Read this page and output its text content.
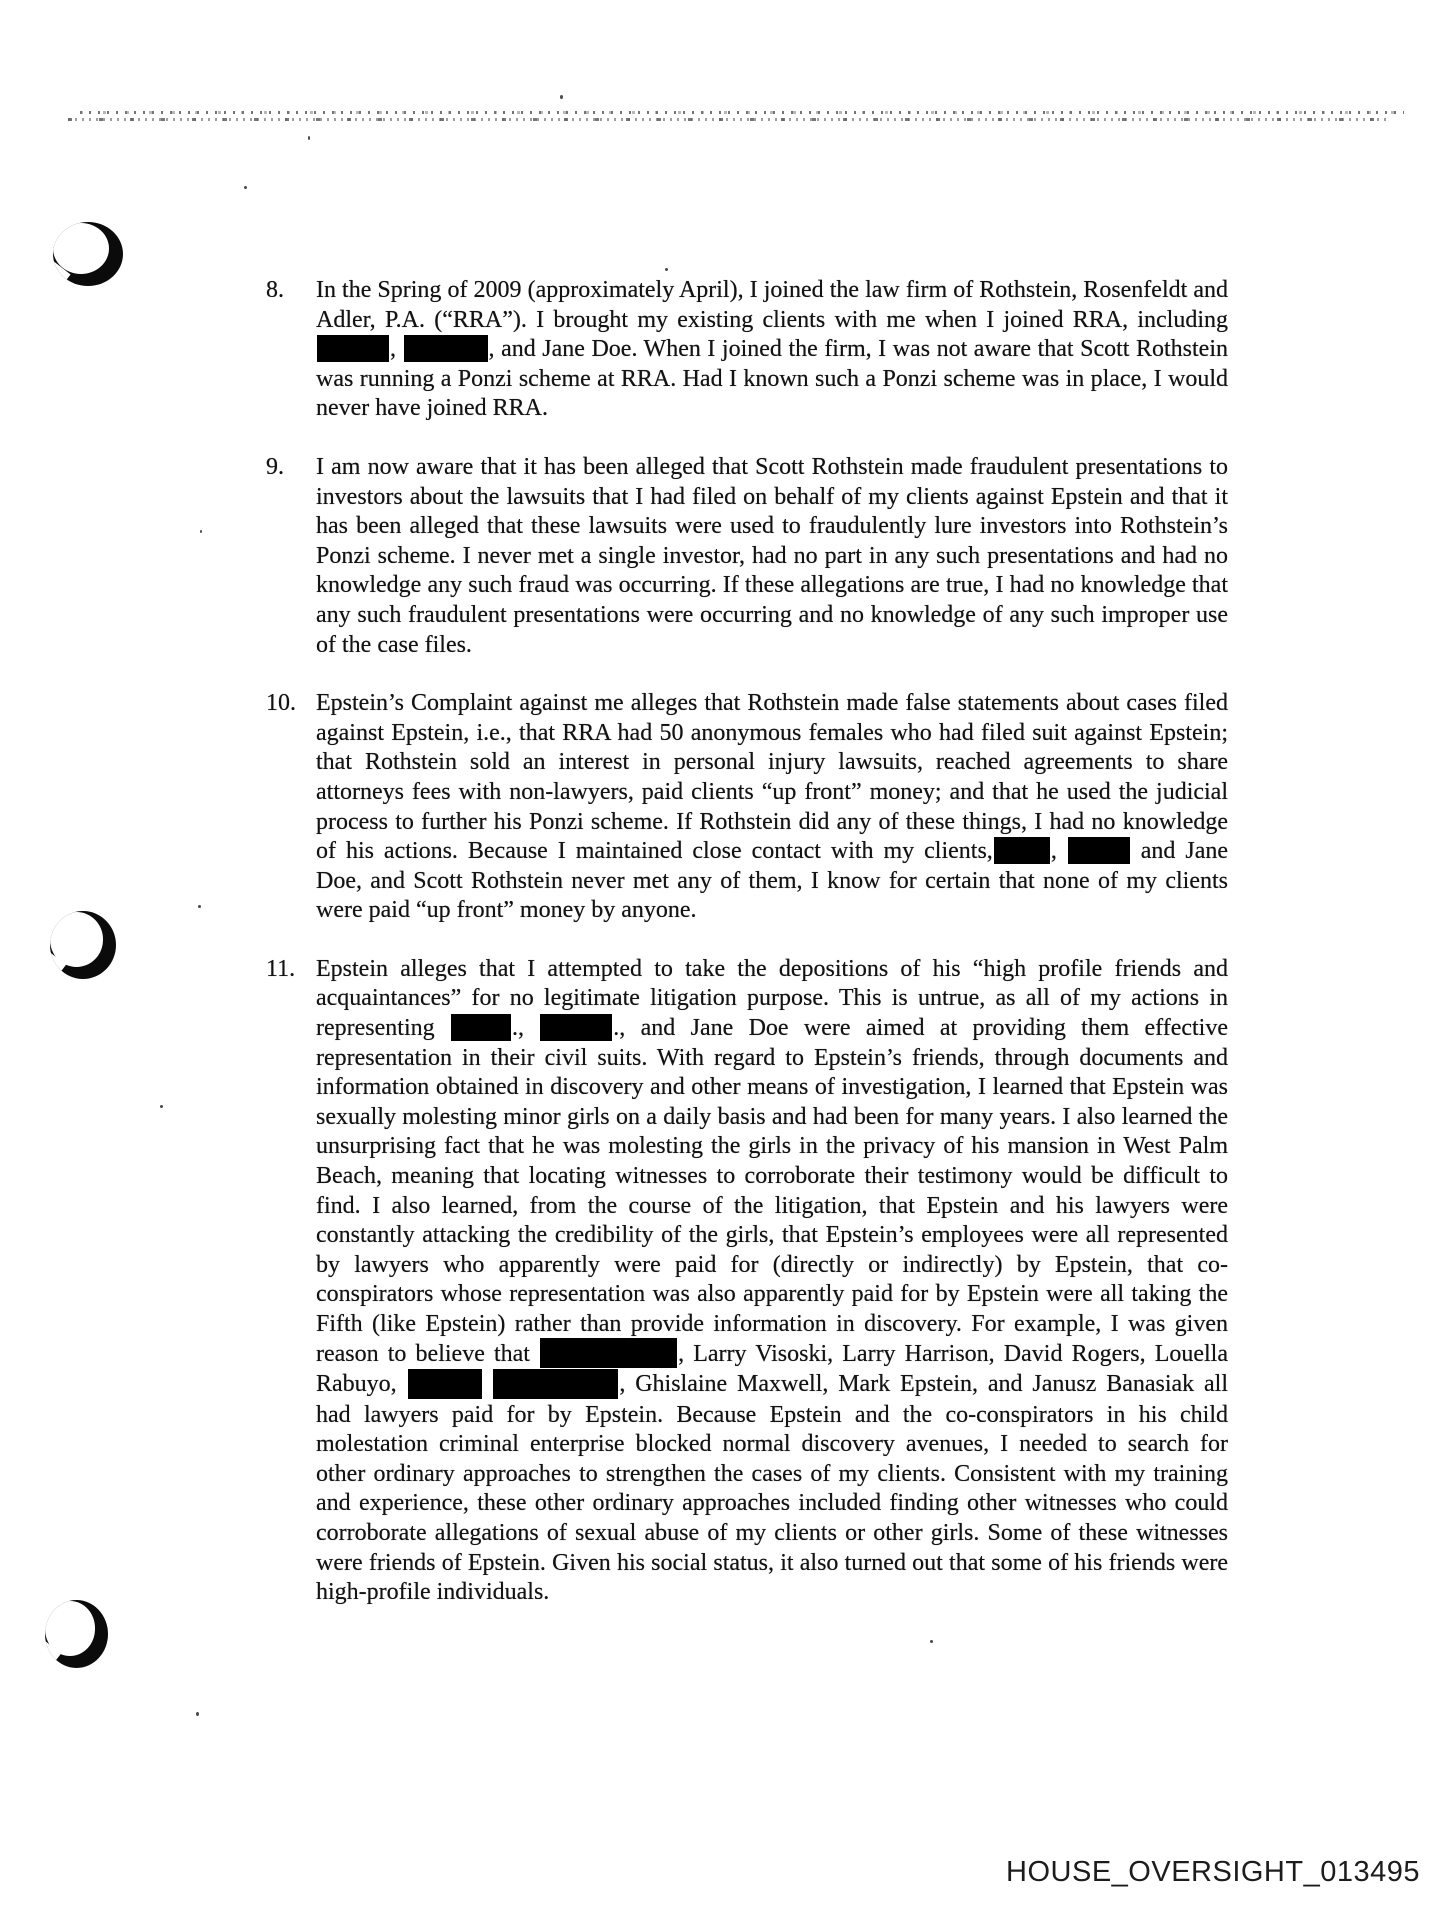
8.	In the Spring of 2009 (approximately April), I joined the law firm of Rothstein, Rosenfeldt and Adler, P.A. (“RRA”). I brought my existing clients with me when I joined RRA, including ,	, and Jane Doe. When I joined the firm, I was not aware that Scott Rothstein was running a Ponzi scheme at RRA. Had I known such a Ponzi scheme was in place, I would never have joined RRA.
9.	I am now aware that it has been alleged that Scott Rothstein made fraudulent presentations to investors about the lawsuits that I had filed on behalf of my clients against Epstein and that it has been alleged that these lawsuits were used to fraudulently lure investors into Rothstein’s Ponzi scheme. I never met a single investor, had no part in any such presentations and had no knowledge any such fraud was occurring. If these allegations are true, I had no knowledge that any such fraudulent presentations were occurring and no knowledge of any such improper use of the case files.
10. Epstein’s Complaint against me alleges that Rothstein made false statements about cases filed against Epstein, i.e., that RRA had 50 anonymous females who had filed suit against Epstein; that Rothstein sold an interest in personal injury lawsuits, reached agreements to share attorneys fees with non-lawyers, paid clients “up front” money; and that he used the judicial process to further his Ponzi scheme. If Rothstein did any of these things, I had no knowledge of his actions. Because I maintained close contact with my clients, ,	and Jane Doe, and Scott Rothstein never met any of them, I know for certain that none of my clients were paid “up front” money by anyone.
11. Epstein alleges that I attempted to take the depositions of his “high profile friends and acquaintances” for no legitimate litigation purpose. This is untrue, as all of my actions in representing	.,	., and Jane Doe were aimed at providing them effective representation in their civil suits. With regard to Epstein’s friends, through documents and information obtained in discovery and other means of investigation, I learned that Epstein was sexually molesting minor girls on a daily basis and had been for many years. I also learned the unsurprising fact that he was molesting the girls in the privacy of his mansion in West Palm Beach, meaning that locating witnesses to corroborate their testimony would be difficult to find. I also learned, from the course of the litigation, that Epstein and his lawyers were constantly attacking the credibility of the girls, that Epstein’s employees were all represented by lawyers who apparently were paid for (directly or indirectly) by Epstein, that co-conspirators whose representation was also apparently paid for by Epstein were all taking the Fifth (like Epstein) rather than provide information in discovery. For example, I was given reason to believe that	, Larry Visoski, Larry Harrison, David Rogers, Louella Rabuyo,	, Ghislaine Maxwell, Mark Epstein, and Janusz Banasiak all had lawyers paid for by Epstein. Because Epstein and the co-conspirators in his child molestation criminal enterprise blocked normal discovery avenues, I needed to search for other ordinary approaches to strengthen the cases of my clients. Consistent with my training and experience, these other ordinary approaches included finding other witnesses who could corroborate allegations of sexual abuse of my clients or other girls. Some of these witnesses were friends of Epstein. Given his social status, it also turned out that some of his friends were high-profile individuals.
HOUSE_OVERSIGHT_013495
